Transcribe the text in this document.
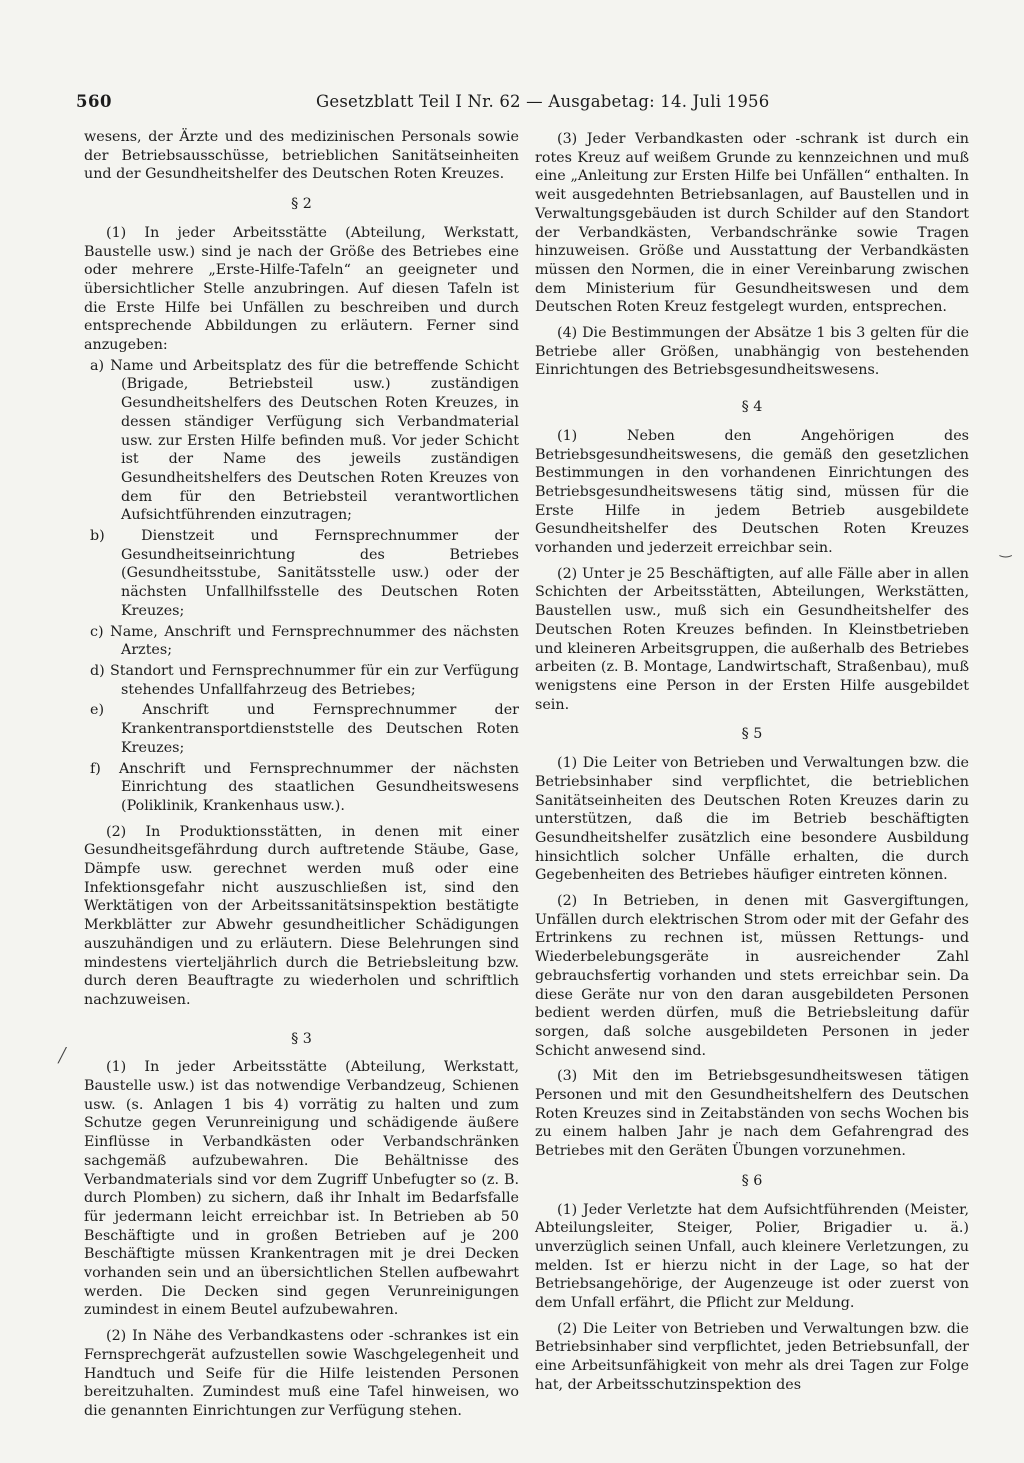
560	Gesetzblatt Teil I Nr. 62 — Ausgabetag: 14. Juli 1956

wesens, der Ärzte und des medizinischen Personals sowie der Betriebsausschüsse, betrieblichen Sanitätseinheiten und der Gesundheitshelfer des Deutschen Roten Kreuzes.

§ 2

(1) In jeder Arbeitsstätte (Abteilung, Werkstatt, Baustelle usw.) sind je nach der Größe des Betriebes eine oder mehrere „Erste-Hilfe-Tafeln“ an geeigneter und übersichtlicher Stelle anzubringen. Auf diesen Tafeln ist die Erste Hilfe bei Unfällen zu beschreiben und durch entsprechende Abbildungen zu erläutern. Ferner sind anzugeben:

a) Name und Arbeitsplatz des für die betreffende Schicht (Brigade, Betriebsteil usw.) zuständigen Gesundheitshelfers des Deutschen Roten Kreuzes, in dessen ständiger Verfügung sich Verbandmaterial usw. zur Ersten Hilfe befinden muß. Vor jeder Schicht ist der Name des jeweils zuständigen Gesundheitshelfers des Deutschen Roten Kreuzes von dem für den Betriebsteil verantwortlichen Aufsichtführenden einzutragen;

b) Dienstzeit und Fernsprechnummer der Gesundheitseinrichtung des Betriebes (Gesundheitsstube, Sanitätsstelle usw.) oder der nächsten Unfallhilfsstelle des Deutschen Roten Kreuzes;

c) Name, Anschrift und Fernsprechnummer des nächsten Arztes;

d) Standort und Fernsprechnummer für ein zur Verfügung stehendes Unfallfahrzeug des Betriebes;

e) Anschrift und Fernsprechnummer der Krankentransportdienststelle des Deutschen Roten Kreuzes;

f) Anschrift und Fernsprechnummer der nächsten Einrichtung des staatlichen Gesundheitswesens (Poliklinik, Krankenhaus usw.).

(2) In Produktionsstätten, in denen mit einer Gesundheitsgefährdung durch auftretende Stäube, Gase, Dämpfe usw. gerechnet werden muß oder eine Infektionsgefahr nicht auszuschließen ist, sind den Werktätigen von der Arbeitssanitätsinspektion bestätigte Merkblätter zur Abwehr gesundheitlicher Schädigungen auszuhändigen und zu erläutern. Diese Belehrungen sind mindestens vierteljährlich durch die Betriebsleitung bzw. durch deren Beauftragte zu wiederholen und schriftlich nachzuweisen.

§ 3

(1) In jeder Arbeitsstätte (Abteilung, Werkstatt, Baustelle usw.) ist das notwendige Verbandzeug, Schienen usw. (s. Anlagen 1 bis 4) vorrätig zu halten und zum Schutze gegen Verunreinigung und schädigende äußere Einflüsse in Verbandkästen oder Verbandschränken sachgemäß aufzubewahren. Die Behältnisse des Verbandmaterials sind vor dem Zugriff Unbefugter so (z. B. durch Plomben) zu sichern, daß ihr Inhalt im Bedarfsfalle für jedermann leicht erreichbar ist. In Betrieben ab 50 Beschäftigte und in großen Betrieben auf je 200 Beschäftigte müssen Krankentragen mit je drei Decken vorhanden sein und an übersichtlichen Stellen aufbewahrt werden. Die Decken sind gegen Verunreinigungen zumindest in einem Beutel aufzubewahren.

(2) In Nähe des Verbandkastens oder -schrankes ist ein Fernsprechgerät aufzustellen sowie Waschgelegenheit und Handtuch und Seife für die Hilfe leistenden Personen bereitzuhalten. Zumindest muß eine Tafel hinweisen, wo die genannten Einrichtungen zur Verfügung stehen.

(3) Jeder Verbandkasten oder -schrank ist durch ein rotes Kreuz auf weißem Grunde zu kennzeichnen und muß eine „Anleitung zur Ersten Hilfe bei Unfällen“ enthalten. In weit ausgedehnten Betriebsanlagen, auf Baustellen und in Verwaltungsgebäuden ist durch Schilder auf den Standort der Verbandkästen, Verbandschränke sowie Tragen hinzuweisen. Größe und Ausstattung der Verbandkästen müssen den Normen, die in einer Vereinbarung zwischen dem Ministerium für Gesundheitswesen und dem Deutschen Roten Kreuz festgelegt wurden, entsprechen.

(4) Die Bestimmungen der Absätze 1 bis 3 gelten für die Betriebe aller Größen, unabhängig von bestehenden Einrichtungen des Betriebsgesundheitswesens.

§ 4

(1) Neben den Angehörigen des Betriebsgesundheitswesens, die gemäß den gesetzlichen Bestimmungen in den vorhandenen Einrichtungen des Betriebsgesundheitswesens tätig sind, müssen für die Erste Hilfe in jedem Betrieb ausgebildete Gesundheitshelfer des Deutschen Roten Kreuzes vorhanden und jederzeit erreichbar sein.

(2) Unter je 25 Beschäftigten, auf alle Fälle aber in allen Schichten der Arbeitsstätten, Abteilungen, Werkstätten, Baustellen usw., muß sich ein Gesundheitshelfer des Deutschen Roten Kreuzes befinden. In Kleinstbetrieben und kleineren Arbeitsgruppen, die außerhalb des Betriebes arbeiten (z. B. Montage, Landwirtschaft, Straßenbau), muß wenigstens eine Person in der Ersten Hilfe ausgebildet sein.

§ 5

(1) Die Leiter von Betrieben und Verwaltungen bzw. die Betriebsinhaber sind verpflichtet, die betrieblichen Sanitätseinheiten des Deutschen Roten Kreuzes darin zu unterstützen, daß die im Betrieb beschäftigten Gesundheitshelfer zusätzlich eine besondere Ausbildung hinsichtlich solcher Unfälle erhalten, die durch Gegebenheiten des Betriebes häufiger eintreten können.

(2) In Betrieben, in denen mit Gasvergiftungen, Unfällen durch elektrischen Strom oder mit der Gefahr des Ertrinkens zu rechnen ist, müssen Rettungs- und Wiederbelebungsgeräte in ausreichender Zahl gebrauchsfertig vorhanden und stets erreichbar sein. Da diese Geräte nur von den daran ausgebildeten Personen bedient werden dürfen, muß die Betriebsleitung dafür sorgen, daß solche ausgebildeten Personen in jeder Schicht anwesend sind.

(3) Mit den im Betriebsgesundheitswesen tätigen Personen und mit den Gesundheitshelfern des Deutschen Roten Kreuzes sind in Zeitabständen von sechs Wochen bis zu einem halben Jahr je nach dem Gefahrengrad des Betriebes mit den Geräten Übungen vorzunehmen.

§ 6

(1) Jeder Verletzte hat dem Aufsichtführenden (Meister, Abteilungsleiter, Steiger, Polier, Brigadier u. ä.) unverzüglich seinen Unfall, auch kleinere Verletzungen, zu melden. Ist er hierzu nicht in der Lage, so hat der Betriebsangehörige, der Augenzeuge ist oder zuerst von dem Unfall erfährt, die Pflicht zur Meldung.

(2) Die Leiter von Betrieben und Verwaltungen bzw. die Betriebsinhaber sind verpflichtet, jeden Betriebsunfall, der eine Arbeitsunfähigkeit von mehr als drei Tagen zur Folge hat, der Arbeitsschutzinspektion des

╱
‿
